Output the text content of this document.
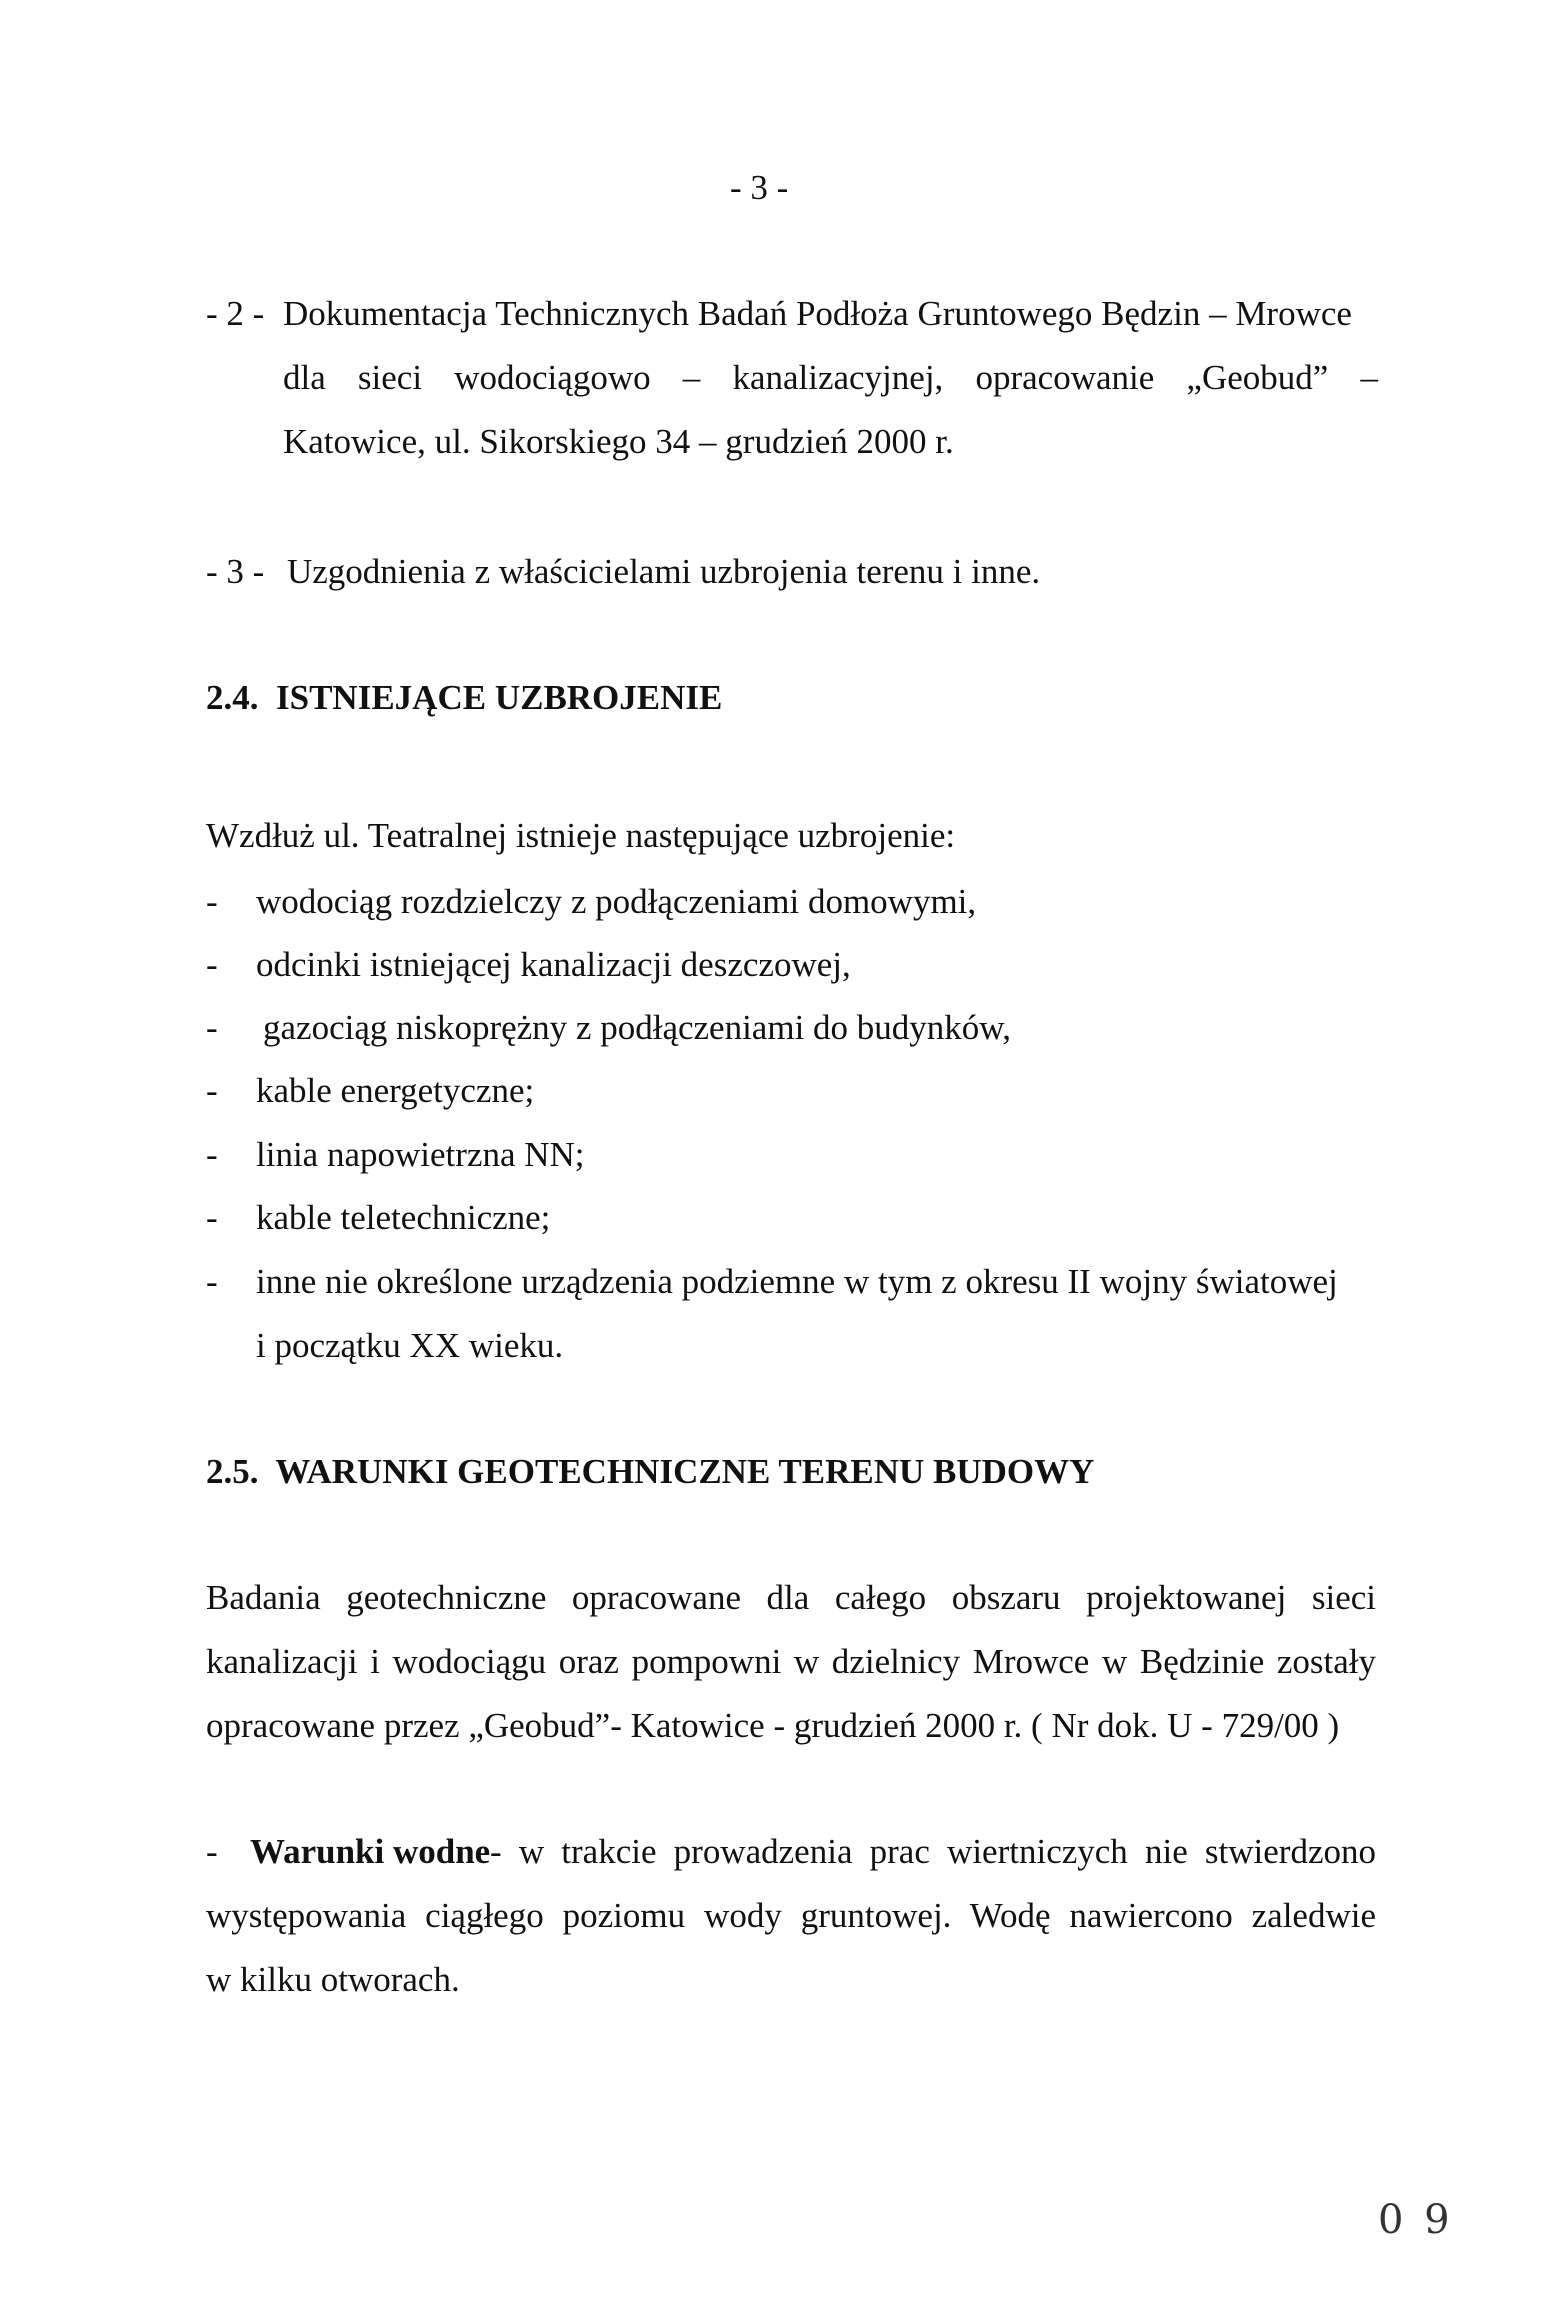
- 3 -
- 2 - Dokumentacja Technicznych Badań Podłoża Gruntowego Będzin – Mrowce
dla sieci wodociągowo – kanalizacyjnej, opracowanie „Geobud” –
Katowice, ul. Sikorskiego 34 – grudzień 2000 r.
- 3 - Uzgodnienia z właścicielami uzbrojenia terenu i inne.
2.4.  ISTNIEJĄCE UZBROJENIE
Wzdłuż ul. Teatralnej istnieje następujące uzbrojenie:
- wodociąg rozdzielczy z podłączeniami domowymi,
- odcinki istniejącej kanalizacji deszczowej,
- gazociąg niskoprężny z podłączeniami do budynków,
- kable energetyczne;
- linia napowietrzna NN;
- kable teletechniczne;
- inne nie określone urządzenia podziemne w tym z okresu II wojny światowej
i początku XX wieku.
2.5.  WARUNKI GEOTECHNICZNE TERENU BUDOWY
Badania geotechniczne opracowane dla całego obszaru projektowanej sieci
kanalizacji i wodociągu oraz pompowni w dzielnicy Mrowce w Będzinie zostały
opracowane przez „Geobud”- Katowice - grudzień 2000 r. ( Nr dok. U - 729/00 )
- Warunki wodne - w trakcie prowadzenia prac wiertniczych nie stwierdzono
występowania ciągłego poziomu wody gruntowej. Wodę nawiercono zaledwie
w kilku otworach.
0 9
